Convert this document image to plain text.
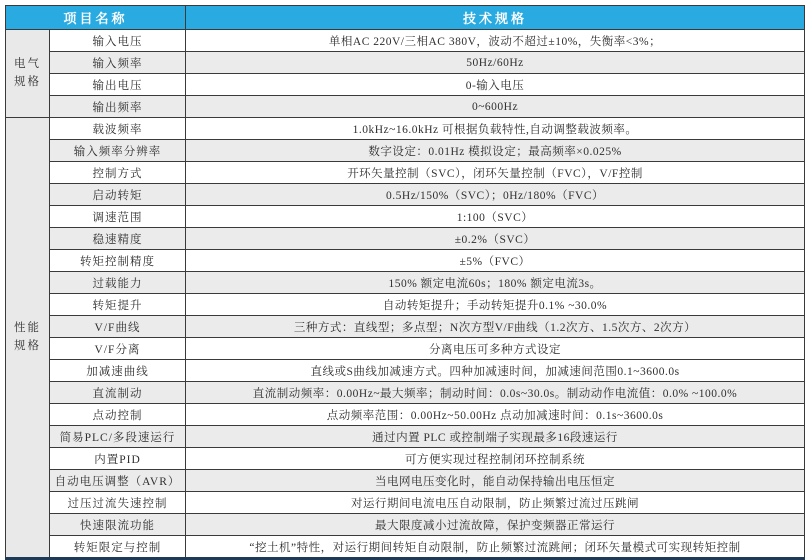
项目名称		技术规格

电气规格	输入电压	单相AC 220V/三相AC 380V，波动不超过±10%，失衡率<3%；
	输入频率	50Hz/60Hz
	输出电压	0-输入电压
	输出频率	0~600Hz

性能规格	载波频率	1.0kHz~16.0kHz 可根据负载特性,自动调整载波频率。
	输入频率分辨率	数字设定：0.01Hz 模拟设定；最高频率×0.025%
	控制方式	开环矢量控制（SVC），闭环矢量控制（FVC），V/F控制
	启动转矩	0.5Hz/150%（SVC）；0Hz/180%（FVC）
	调速范围	1:100（SVC）
	稳速精度	±0.2%（SVC）
	转矩控制精度	±5%（FVC）
	过载能力	150% 额定电流60s；180% 额定电流3s。
	转矩提升	自动转矩提升；手动转矩提升0.1% ~30.0%
	V/F曲线	三种方式：直线型；多点型；N次方型V/F曲线（1.2次方、1.5次方、2次方）
	V/F分离	分离电压可多种方式设定
	加减速曲线	直线或S曲线加减速方式。四种加减速时间，加减速间范围0.1~3600.0s
	直流制动	直流制动频率：0.00Hz~最大频率；制动时间：0.0s~30.0s。制动动作电流值：0.0% ~100.0%
	点动控制	点动频率范围：0.00Hz~50.00Hz 点动加减速时间：0.1s~3600.0s
	简易PLC/多段速运行	通过内置 PLC 或控制端子实现最多16段速运行
	内置PID	可方便实现过程控制闭环控制系统
	自动电压调整（AVR）	当电网电压变化时，能自动保持输出电压恒定
	过压过流失速控制	对运行期间电流电压自动限制，防止频繁过流过压跳闸
	快速限流功能	最大限度减小过流故障，保护变频器正常运行
	转矩限定与控制	“挖土机”特性，对运行期间转矩自动限制，防止频繁过流跳闸；闭环矢量模式可实现转矩控制
